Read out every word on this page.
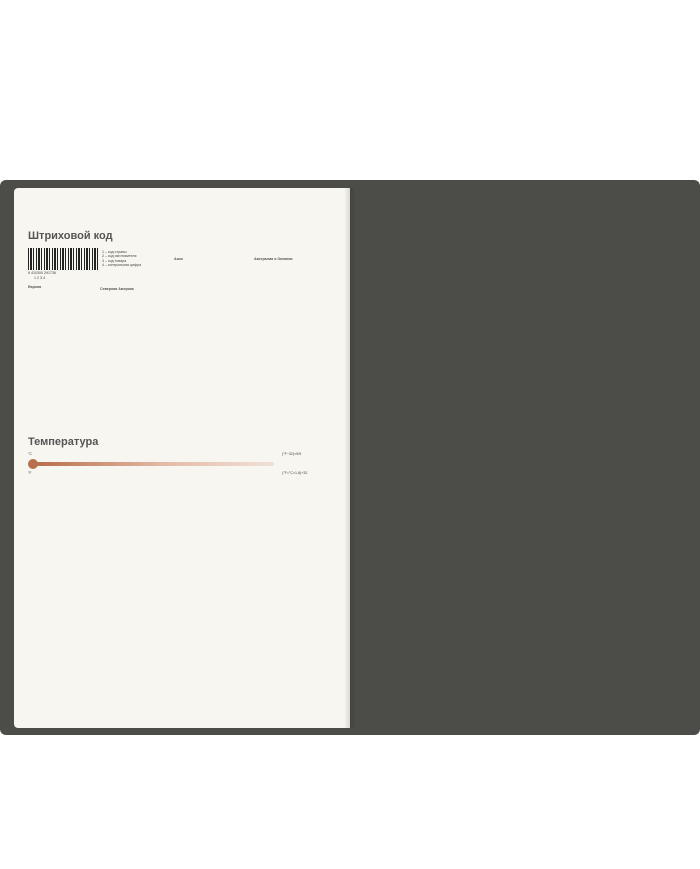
Штриховой код
8 410300 291736
1 2 3 4
1 – код страны
2 – код изготовителя
3 – код товара
4 – контрольная цифра
Европа	Северная Америка
Азия	Австралия и Океания
Температура
°C
°F
(°F−32)×5/9
(°F=°C×1,8)+32
